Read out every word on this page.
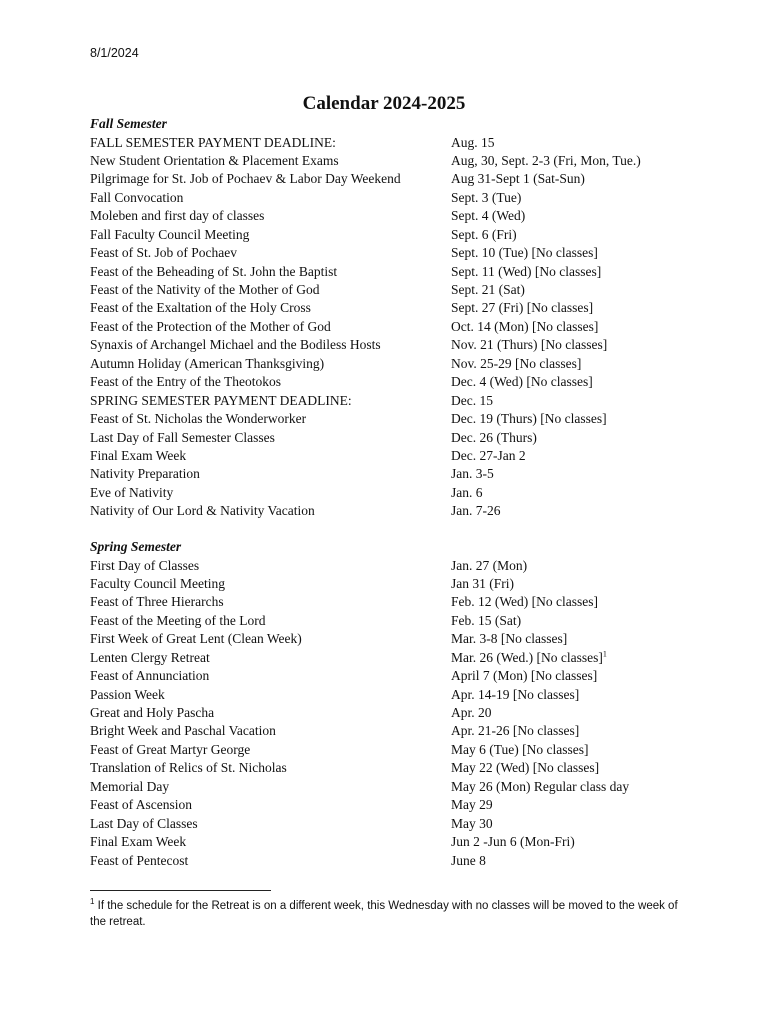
8/1/2024
Calendar 2024-2025
Fall Semester
FALL SEMESTER PAYMENT DEADLINE:	Aug. 15
New Student Orientation & Placement Exams	Aug, 30, Sept. 2-3 (Fri, Mon, Tue.)
Pilgrimage for St. Job of Pochaev & Labor Day Weekend	Aug 31-Sept 1 (Sat-Sun)
Fall Convocation	Sept. 3 (Tue)
Moleben and first day of classes	Sept. 4 (Wed)
Fall Faculty Council Meeting	Sept. 6 (Fri)
Feast of St. Job of Pochaev	Sept. 10 (Tue) [No classes]
Feast of the Beheading of St. John the Baptist	Sept. 11 (Wed) [No classes]
Feast of the Nativity of the Mother of God	Sept. 21 (Sat)
Feast of the Exaltation of the Holy Cross	Sept. 27 (Fri) [No classes]
Feast of the Protection of the Mother of God	Oct. 14 (Mon) [No classes]
Synaxis of Archangel Michael and the Bodiless Hosts	Nov. 21 (Thurs) [No classes]
Autumn Holiday (American Thanksgiving)	Nov. 25-29 [No classes]
Feast of the Entry of the Theotokos	Dec. 4 (Wed) [No classes]
SPRING SEMESTER PAYMENT DEADLINE:	Dec. 15
Feast of St. Nicholas the Wonderworker	Dec. 19 (Thurs) [No classes]
Last Day of Fall Semester Classes	Dec. 26 (Thurs)
Final Exam Week	Dec. 27-Jan 2
Nativity Preparation	Jan. 3-5
Eve of Nativity	Jan. 6
Nativity of Our Lord & Nativity Vacation	Jan. 7-26
Spring Semester
First Day of Classes	Jan. 27 (Mon)
Faculty Council Meeting	Jan 31 (Fri)
Feast of Three Hierarchs	Feb. 12 (Wed) [No classes]
Feast of the Meeting of the Lord	Feb. 15 (Sat)
First Week of Great Lent (Clean Week)	Mar. 3-8 [No classes]
Lenten Clergy Retreat	Mar. 26 (Wed.) [No classes]$^1$
Feast of Annunciation	April 7 (Mon) [No classes]
Passion Week	Apr. 14-19 [No classes]
Great and Holy Pascha	Apr. 20
Bright Week and Paschal Vacation	Apr. 21-26 [No classes]
Feast of Great Martyr George	May 6 (Tue) [No classes]
Translation of Relics of St. Nicholas	May 22 (Wed) [No classes]
Memorial Day	May 26 (Mon) Regular class day
Feast of Ascension	May 29
Last Day of Classes	May 30
Final Exam Week	Jun 2 -Jun 6 (Mon-Fri)
Feast of Pentecost	June 8
$^1$ If the schedule for the Retreat is on a different week, this Wednesday with no classes will be moved to the week of the retreat.
